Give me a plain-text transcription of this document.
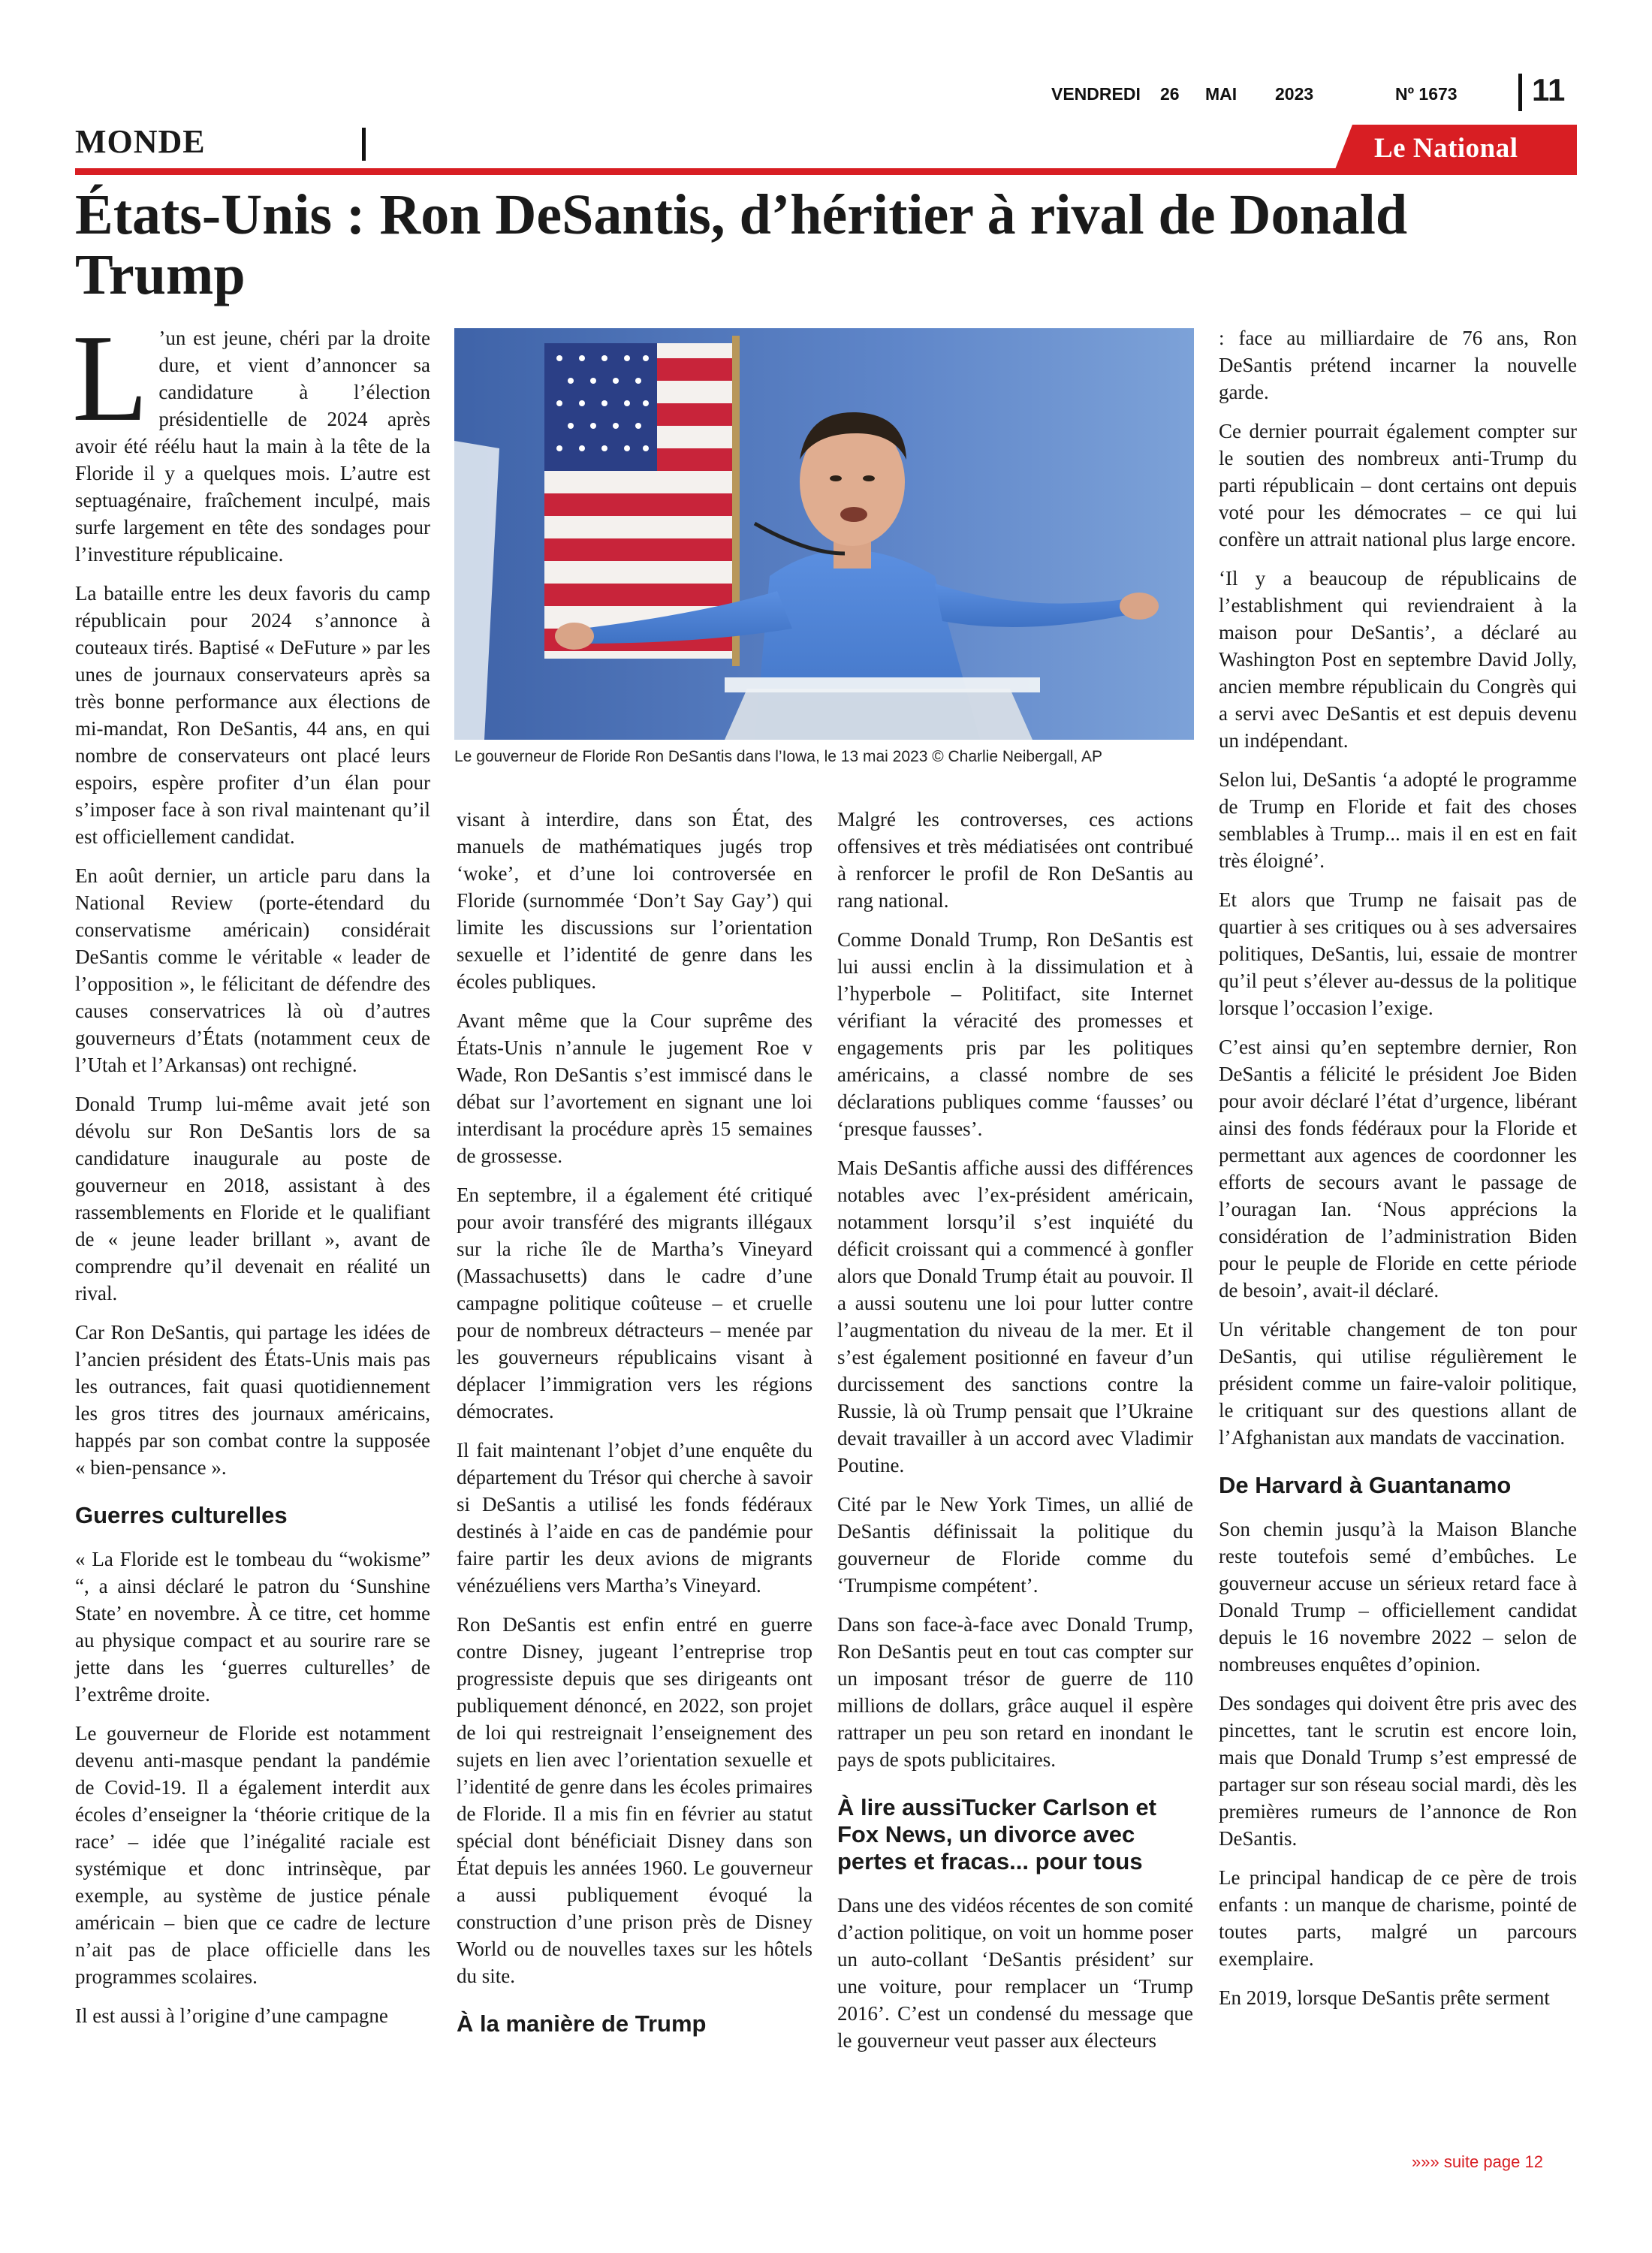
VENDREDI 26 MAI 2023	Nº 1673 11
MONDE	Le National
États-Unis : Ron DeSantis, d’héritier à rival de Donald Trump

L ’un est jeune, chéri par la droite dure, et vient d’annoncer sa candidature à l’élection présidentielle de 2024 après avoir été réélu haut la main à la tête de la Floride il y a quelques mois. L’autre est septuagénaire, fraîchement inculpé, mais surfe largement en tête des sondages pour l’investiture républicaine.

La bataille entre les deux favoris du camp républicain pour 2024 s’annonce à couteaux tirés. Baptisé « DeFuture » par les unes de journaux conservateurs après sa très bonne performance aux élections de mi-mandat, Ron DeSantis, 44 ans, en qui nombre de conservateurs ont placé leurs espoirs, espère profiter d’un élan pour s’imposer face à son rival maintenant qu’il est officiellement candidat.

En août dernier, un article paru dans la National Review (porte-étendard du conservatisme américain) considérait DeSantis comme le véritable « leader de l’opposition », le félicitant de défendre des causes conservatrices là où d’autres gouverneurs d’États (notamment ceux de l’Utah et l’Arkansas) ont rechigné.

Donald Trump lui-même avait jeté son dévolu sur Ron DeSantis lors de sa candidature inaugurale au poste de gouverneur en 2018, assistant à des rassemblements en Floride et le qualifiant de « jeune leader brillant », avant de comprendre qu’il devenait en réalité un rival.

Car Ron DeSantis, qui partage les idées de l’ancien président des États-Unis mais pas les outrances, fait quasi quotidiennement les gros titres des journaux américains, happés par son combat contre la supposée « bien-pensance ».

Guerres culturelles

« La Floride est le tombeau du “wokisme” “, a ainsi déclaré le patron du ‘Sunshine State’ en novembre. À ce titre, cet homme au physique compact et au sourire rare se jette dans les ‘guerres culturelles’ de l’extrême droite.

Le gouverneur de Floride est notamment devenu anti-masque pendant la pandémie de Covid-19. Il a également interdit aux écoles d’enseigner la ‘théorie critique de la race’ – idée que l’inégalité raciale est systémique et donc intrinsèque, par exemple, au système de justice pénale américain – bien que ce cadre de lecture n’ait pas de place officielle dans les programmes scolaires.

Il est aussi à l’origine d’une campagne

Le gouverneur de Floride Ron DeSantis dans l’Iowa, le 13 mai 2023 © Charlie Neibergall, AP

visant à interdire, dans son État, des manuels de mathématiques jugés trop ‘woke’, et d’une loi controversée en Floride (surnommée ‘Don’t Say Gay’) qui limite les discussions sur l’orientation sexuelle et l’identité de genre dans les écoles publiques.

Avant même que la Cour suprême des États-Unis n’annule le jugement Roe v Wade, Ron DeSantis s’est immiscé dans le débat sur l’avortement en signant une loi interdisant la procédure après 15 semaines de grossesse.

En septembre, il a également été critiqué pour avoir transféré des migrants illégaux sur la riche île de Martha’s Vineyard (Massachusetts) dans le cadre d’une campagne politique coûteuse – et cruelle pour de nombreux détracteurs – menée par les gouverneurs républicains visant à déplacer l’immigration vers les régions démocrates.

Il fait maintenant l’objet d’une enquête du département du Trésor qui cherche à savoir si DeSantis a utilisé les fonds fédéraux destinés à l’aide en cas de pandémie pour faire partir les deux avions de migrants vénézuéliens vers Martha’s Vineyard.

Ron DeSantis est enfin entré en guerre contre Disney, jugeant l’entreprise trop progressiste depuis que ses dirigeants ont publiquement dénoncé, en 2022, son projet de loi qui restreignait l’enseignement des sujets en lien avec l’orientation sexuelle et l’identité de genre dans les écoles primaires de Floride. Il a mis fin en février au statut spécial dont bénéficiait Disney dans son État depuis les années 1960. Le gouverneur a aussi publiquement évoqué la construction d’une prison près de Disney World ou de nouvelles taxes sur les hôtels du site.

À la manière de Trump

Malgré les controverses, ces actions offensives et très médiatisées ont contribué à renforcer le profil de Ron DeSantis au rang national.

Comme Donald Trump, Ron DeSantis est lui aussi enclin à la dissimulation et à l’hyperbole – Politifact, site Internet vérifiant la véracité des promesses et engagements pris par les politiques américains, a classé nombre de ses déclarations publiques comme ‘fausses’ ou ‘presque fausses’.

Mais DeSantis affiche aussi des différences notables avec l’ex-président américain, notamment lorsqu’il s’est inquiété du déficit croissant qui a commencé à gonfler alors que Donald Trump était au pouvoir. Il a aussi soutenu une loi pour lutter contre l’augmentation du niveau de la mer. Et il s’est également positionné en faveur d’un durcissement des sanctions contre la Russie, là où Trump pensait que l’Ukraine devait travailler à un accord avec Vladimir Poutine.

Cité par le New York Times, un allié de DeSantis définissait la politique du gouverneur de Floride comme du ‘Trumpisme compétent’.

Dans son face-à-face avec Donald Trump, Ron DeSantis peut en tout cas compter sur un imposant trésor de guerre de 110 millions de dollars, grâce auquel il espère rattraper un peu son retard en inondant le pays de spots publicitaires.

À lire aussiTucker Carlson et Fox News, un divorce avec pertes et fracas... pour tous

Dans une des vidéos récentes de son comité d’action politique, on voit un homme poser un auto-collant ‘DeSantis président’ sur une voiture, pour remplacer un ‘Trump 2016’. C’est un condensé du message que le gouverneur veut passer aux électeurs

: face au milliardaire de 76 ans, Ron DeSantis prétend incarner la nouvelle garde.

Ce dernier pourrait également compter sur le soutien des nombreux anti-Trump du parti républicain – dont certains ont depuis voté pour les démocrates – ce qui lui confère un attrait national plus large encore.

‘Il y a beaucoup de républicains de l’establishment qui reviendraient à la maison pour DeSantis’, a déclaré au Washington Post en septembre David Jolly, ancien membre républicain du Congrès qui a servi avec DeSantis et est depuis devenu un indépendant.

Selon lui, DeSantis ‘a adopté le programme de Trump en Floride et fait des choses semblables à Trump... mais il en est en fait très éloigné’.

Et alors que Trump ne faisait pas de quartier à ses critiques ou à ses adversaires politiques, DeSantis, lui, essaie de montrer qu’il peut s’élever au-dessus de la politique lorsque l’occasion l’exige.

C’est ainsi qu’en septembre dernier, Ron DeSantis a félicité le président Joe Biden pour avoir déclaré l’état d’urgence, libérant ainsi des fonds fédéraux pour la Floride et permettant aux agences de coordonner les efforts de secours avant le passage de l’ouragan Ian. ‘Nous apprécions la considération de l’administration Biden pour le peuple de Floride en cette période de besoin’, avait-il déclaré.

Un véritable changement de ton pour DeSantis, qui utilise régulièrement le président comme un faire-valoir politique, le critiquant sur des questions allant de l’Afghanistan aux mandats de vaccination.

De Harvard à Guantanamo

Son chemin jusqu’à la Maison Blanche reste toutefois semé d’embûches. Le gouverneur accuse un sérieux retard face à Donald Trump – officiellement candidat depuis le 16 novembre 2022 – selon de nombreuses enquêtes d’opinion.

Des sondages qui doivent être pris avec des pincettes, tant le scrutin est encore loin, mais que Donald Trump s’est empressé de partager sur son réseau social mardi, dès les premières rumeurs de l’annonce de Ron DeSantis.

Le principal handicap de ce père de trois enfants : un manque de charisme, pointé de toutes parts, malgré un parcours exemplaire.

En 2019, lorsque DeSantis prête serment

»»» suite page 12
